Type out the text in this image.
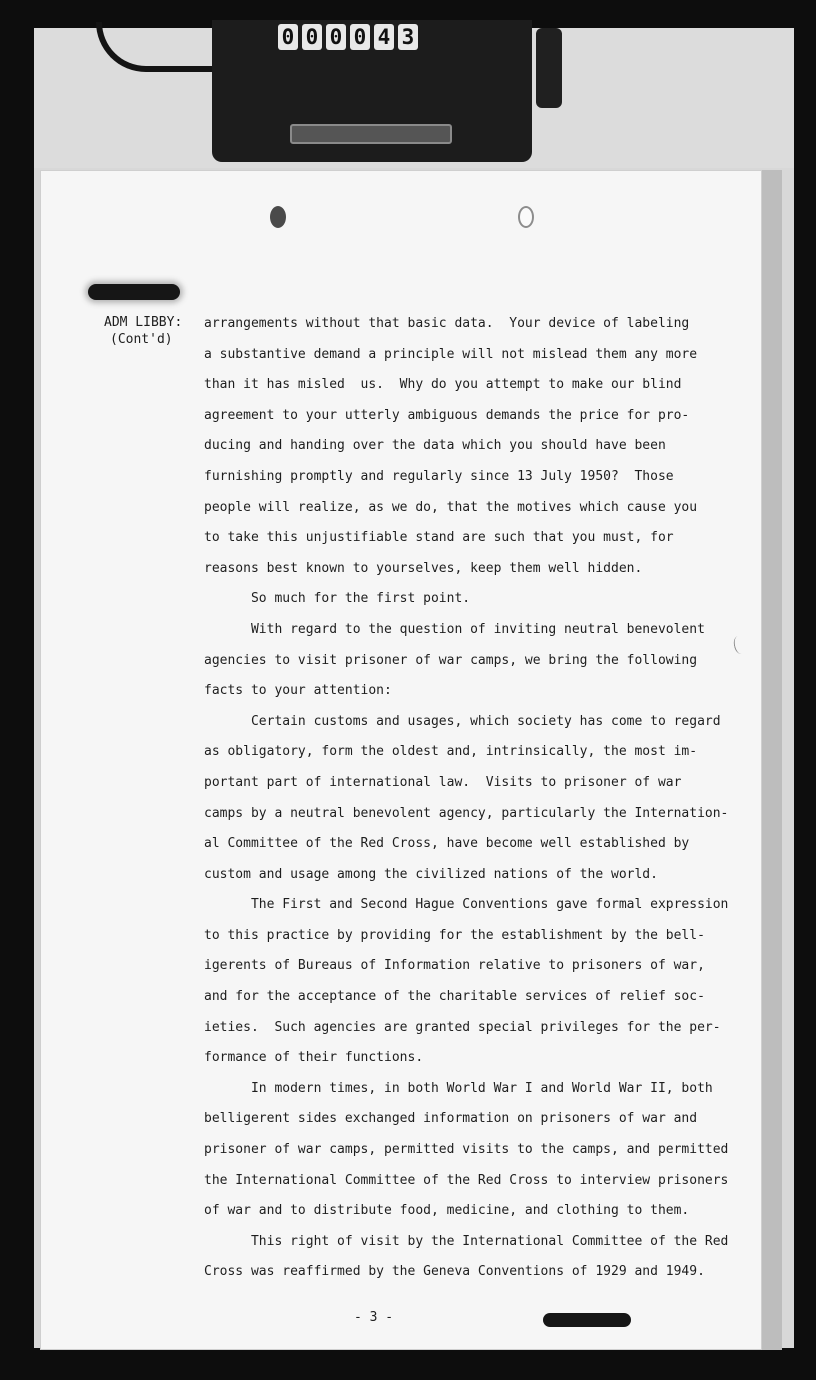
0 0 0 0 4 3
ADM LIBBY:
(Cont'd)
arrangements without that basic data.  Your device of labeling
a substantive demand a principle will not mislead them any more
than it has misled  us.  Why do you attempt to make our blind
agreement to your utterly ambiguous demands the price for pro-
ducing and handing over the data which you should have been
furnishing promptly and regularly since 13 July 1950?  Those
people will realize, as we do, that the motives which cause you
to take this unjustifiable stand are such that you must, for
reasons best known to yourselves, keep them well hidden.
So much for the first point.
With regard to the question of inviting neutral benevolent
agencies to visit prisoner of war camps, we bring the following
facts to your attention:
Certain customs and usages, which society has come to regard
as obligatory, form the oldest and, intrinsically, the most im-
portant part of international law.  Visits to prisoner of war
camps by a neutral benevolent agency, particularly the Internation-
al Committee of the Red Cross, have become well established by
custom and usage among the civilized nations of the world.
The First and Second Hague Conventions gave formal expression
to this practice by providing for the establishment by the bell-
igerents of Bureaus of Information relative to prisoners of war,
and for the acceptance of the charitable services of relief soc-
ieties.  Such agencies are granted special privileges for the per-
formance of their functions.
In modern times, in both World War I and World War II, both
belligerent sides exchanged information on prisoners of war and
prisoner of war camps, permitted visits to the camps, and permitted
the International Committee of the Red Cross to interview prisoners
of war and to distribute food, medicine, and clothing to them.
This right of visit by the International Committee of the Red
Cross was reaffirmed by the Geneva Conventions of 1929 and 1949.
- 3 -
